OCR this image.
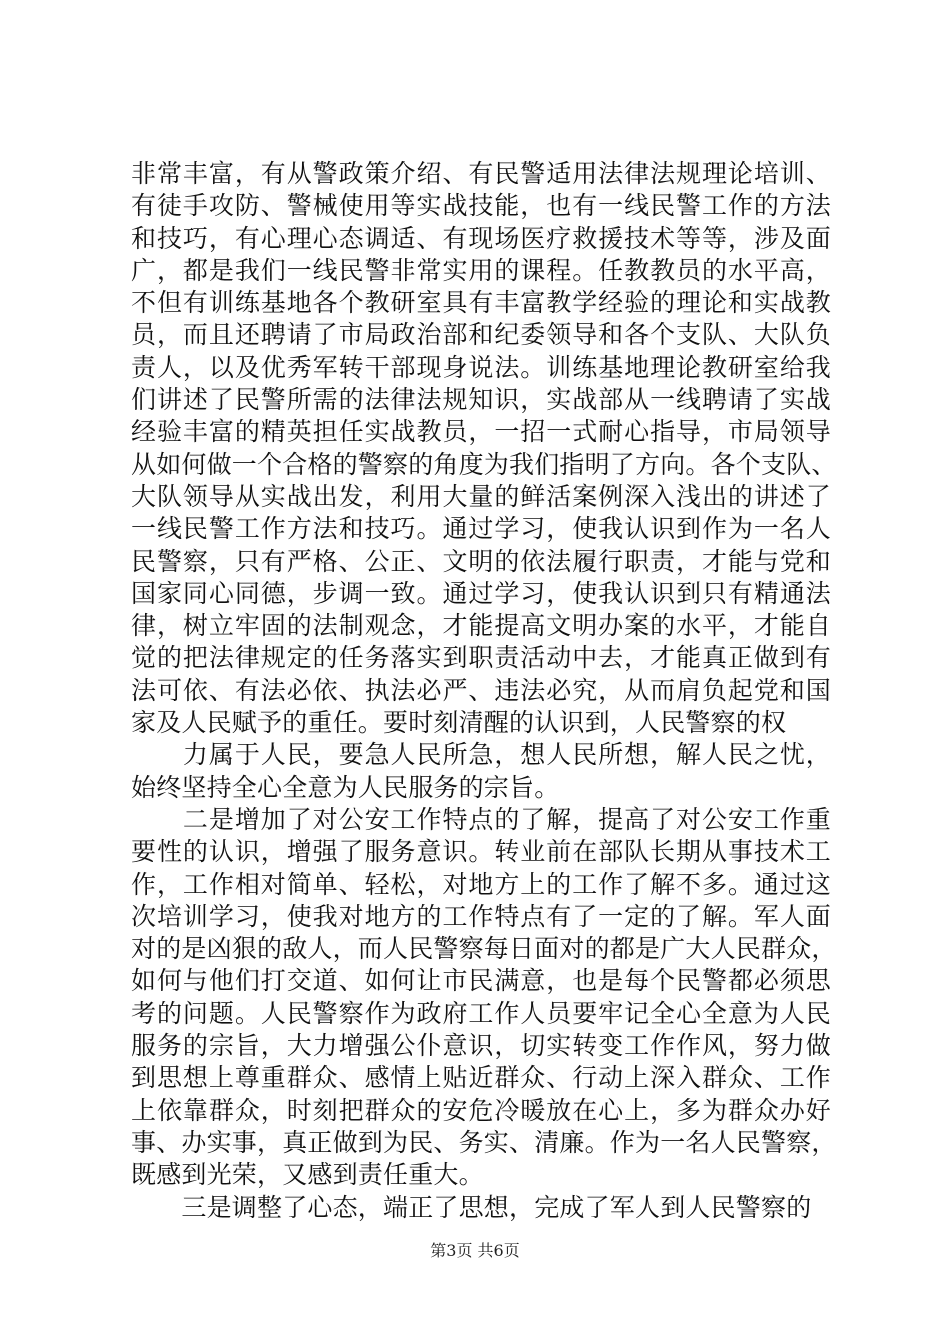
非常丰富，有从警政策介绍、有民警适用法律法规理论培训、
有徒手攻防、警械使用等实战技能，也有一线民警工作的方法
和技巧，有心理心态调适、有现场医疗救援技术等等，涉及面
广，都是我们一线民警非常实用的课程。任教教员的水平高，
不但有训练基地各个教研室具有丰富教学经验的理论和实战教
员，而且还聘请了市局政治部和纪委领导和各个支队、大队负
责人，以及优秀军转干部现身说法。训练基地理论教研室给我
们讲述了民警所需的法律法规知识，实战部从一线聘请了实战
经验丰富的精英担任实战教员，一招一式耐心指导，市局领导
从如何做一个合格的警察的角度为我们指明了方向。各个支队、
大队领导从实战出发，利用大量的鲜活案例深入浅出的讲述了
一线民警工作方法和技巧。通过学习，使我认识到作为一名人
民警察，只有严格、公正、文明的依法履行职责，才能与党和
国家同心同德，步调一致。通过学习，使我认识到只有精通法
律，树立牢固的法制观念，才能提高文明办案的水平，才能自
觉的把法律规定的任务落实到职责活动中去，才能真正做到有
法可依、有法必依、执法必严、违法必究，从而肩负起党和国
家及人民赋予的重任。要时刻清醒的认识到，人民警察的权
　　力属于人民，要急人民所急，想人民所想，解人民之忧，
始终坚持全心全意为人民服务的宗旨。
　　二是增加了对公安工作特点的了解，提高了对公安工作重
要性的认识，增强了服务意识。转业前在部队长期从事技术工
作，工作相对简单、轻松，对地方上的工作了解不多。通过这
次培训学习，使我对地方的工作特点有了一定的了解。军人面
对的是凶狠的敌人，而人民警察每日面对的都是广大人民群众，
如何与他们打交道、如何让市民满意，也是每个民警都必须思
考的问题。人民警察作为政府工作人员要牢记全心全意为人民
服务的宗旨，大力增强公仆意识，切实转变工作作风，努力做
到思想上尊重群众、感情上贴近群众、行动上深入群众、工作
上依靠群众，时刻把群众的安危冷暖放在心上，多为群众办好
事、办实事，真正做到为民、务实、清廉。作为一名人民警察，
既感到光荣，又感到责任重大。
　　三是调整了心态，端正了思想，完成了军人到人民警察的
第3页 共6页
